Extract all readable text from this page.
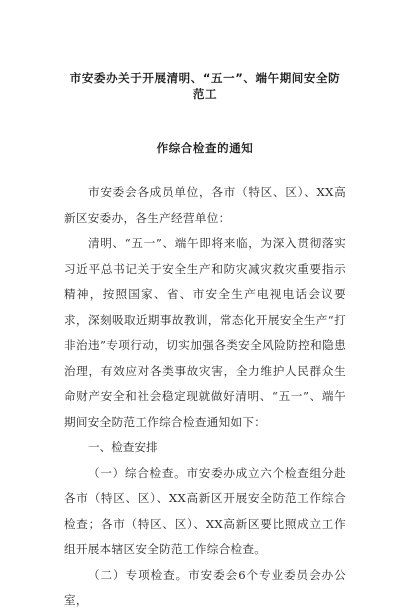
市安委办关于开展清明、“五一”、端午期间安全防范工
作综合检查的通知

市安委会各成员单位，各市（特区、区）、XX高新区安委办，各生产经营单位：

清明、“五一”、端午即将来临，为深入贯彻落实习近平总书记关于安全生产和防灾减灾救灾重要指示精神，按照国家、省、市安全生产电视电话会议要求，深刻吸取近期事故教训，常态化开展安全生产“打非治违”专项行动，切实加强各类安全风险防控和隐患治理，有效应对各类事故灾害，全力维护人民群众生命财产安全和社会稳定现就做好清明、“五一”、端午期间安全防范工作综合检查通知如下：

一、检查安排

（一）综合检查。市安委办成立六个检查组分赴各市（特区、区）、XX高新区开展安全防范工作综合检查；各市（特区、区）、XX高新区要比照成立工作组开展本辖区安全防范工作综合检查。

（二）专项检查。市安委会6个专业委员会办公室，
